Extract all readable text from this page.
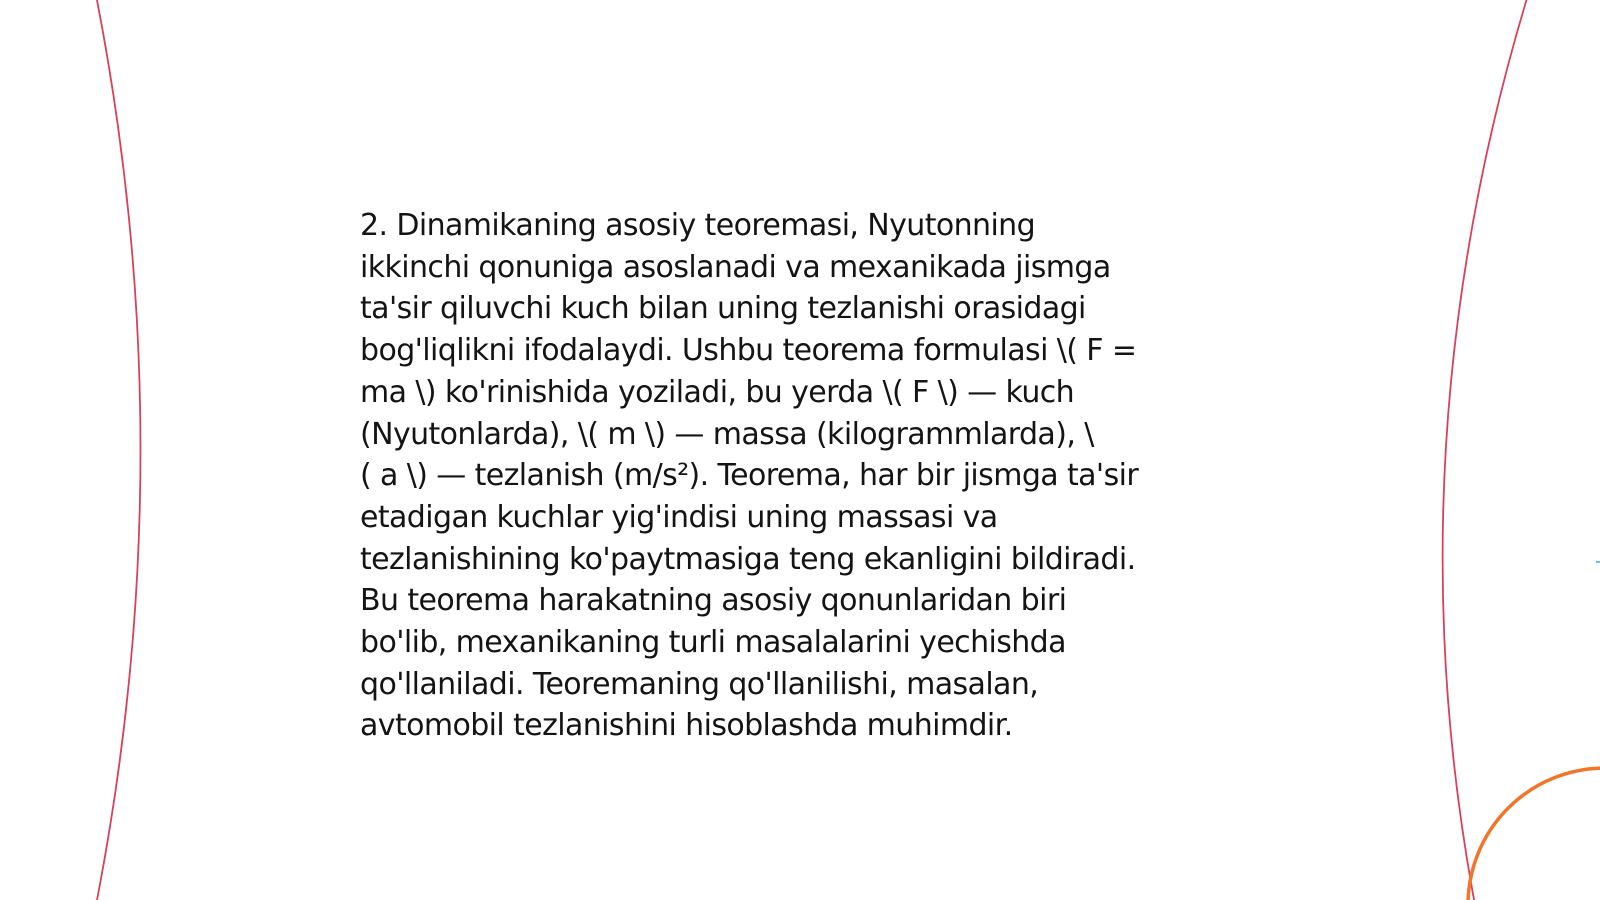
2. Dinamikaning asosiy teoremasi, Nyutonning
ikkinchi qonuniga asoslanadi va mexanikada jismga
ta'sir qiluvchi kuch bilan uning tezlanishi orasidagi
bog'liqlikni ifodalaydi. Ushbu teorema formulasi \( F =
ma \) ko'rinishida yoziladi, bu yerda \( F \) — kuch
(Nyutonlarda), \( m \) — massa (kilogrammlarda), \
( a \) — tezlanish (m/s²). Teorema, har bir jismga ta'sir
etadigan kuchlar yig'indisi uning massasi va
tezlanishining ko'paytmasiga teng ekanligini bildiradi.
Bu teorema harakatning asosiy qonunlaridan biri
bo'lib, mexanikaning turli masalalarini yechishda
qo'llaniladi. Teoremaning qo'llanilishi, masalan,
avtomobil tezlanishini hisoblashda muhimdir.
